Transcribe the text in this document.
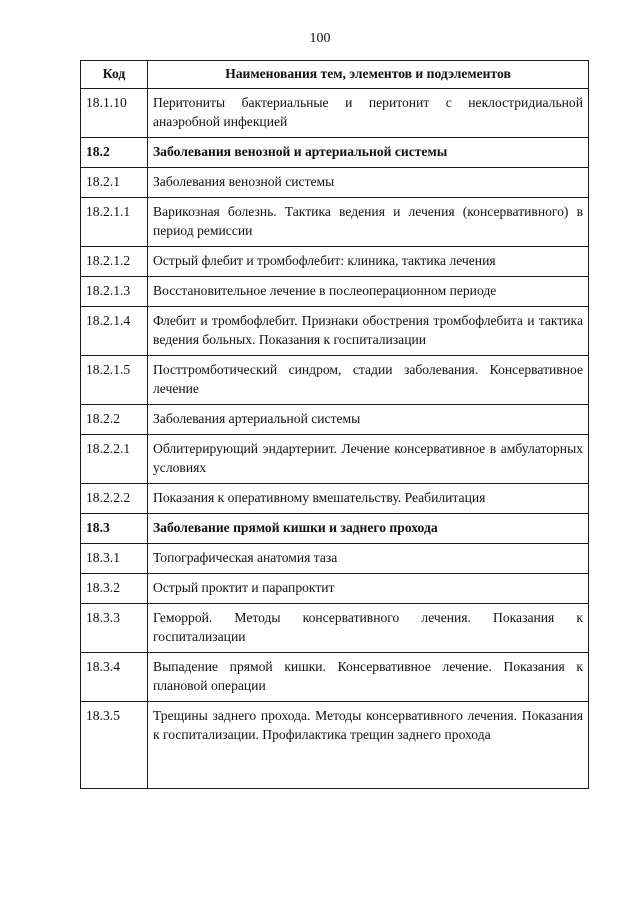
100
Код	Наименования тем, элементов и подэлементов
18.1.10	Перитониты бактериальные и перитонит с неклостридиальной анаэробной инфекцией
18.2	Заболевания венозной и артериальной системы
18.2.1	Заболевания венозной системы
18.2.1.1	Варикозная болезнь. Тактика ведения и лечения (консервативного) в период ремиссии
18.2.1.2	Острый флебит и тромбофлебит: клиника, тактика лечения
18.2.1.3	Восстановительное лечение в послеоперационном периоде
18.2.1.4	Флебит и тромбофлебит. Признаки обострения тромбофлебита и тактика ведения больных. Показания к госпитализации
18.2.1.5	Посттромботический синдром, стадии заболевания. Консервативное лечение
18.2.2	Заболевания артериальной системы
18.2.2.1	Облитерирующий эндартериит. Лечение консервативное в амбулаторных условиях
18.2.2.2	Показания к оперативному вмешательству. Реабилитация
18.3	Заболевание прямой кишки и заднего прохода
18.3.1	Топографическая анатомия таза
18.3.2	Острый проктит и парапроктит
18.3.3	Геморрой. Методы консервативного лечения. Показания к госпитализации
18.3.4	Выпадение прямой кишки. Консервативное лечение. Показания к плановой операции
18.3.5	Трещины заднего прохода. Методы консервативного лечения. Показания к госпитализации. Профилактика трещин заднего прохода
